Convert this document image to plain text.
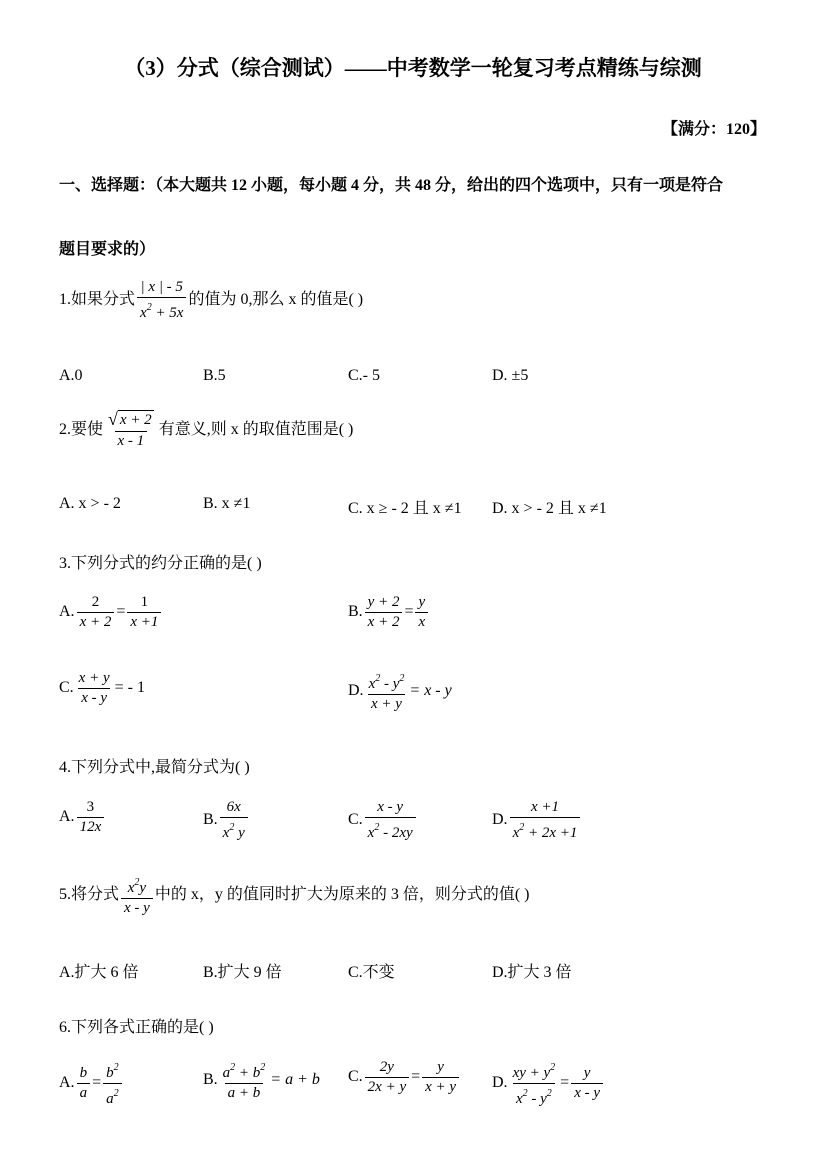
（3）分式（综合测试）——中考数学一轮复习考点精练与综测
【满分：120】
一、选择题：（本大题共 12 小题，每小题 4 分，共 48 分，给出的四个选项中，只有一项是符合
题目要求的）
1.如果分式 $\frac{| x | - 5}{x^2 + 5x}$ 的值为 0,那么 x 的值是( )
A.0	B.5	C.- 5	D. ±5
2.要使 $\frac{√ x + 2}{x - 1}$ 有意义,则 x 的取值范围是( )
A. x > - 2	B. x ≠1	C. x ≥ - 2 且 x ≠1 D. x > - 2 且 x ≠1
3.下列分式的约分正确的是( )
A. $\frac{2}{x + 2} = \frac{1}{x +1}$	B. $\frac{y + 2}{x + 2} = \frac{y}{x}$
C. $\frac{x + y}{x - y}$ = - 1	D. $\frac{x^2 - y^2}{x + y} = x - y$
4.下列分式中,最简分式为( )
A. $\frac{3}{12x}$	B. $\frac{6x}{x^2 y}$	C. $\frac{x - y}{x^2 - 2xy}$	D. $\frac{x +1}{x^2 + 2x +1}$
5.将分式 $\frac{x^2y}{x - y}$ 中的 x，y 的值同时扩大为原来的 3 倍，则分式的值( )
A.扩大 6 倍	B.扩大 9 倍	C.不变	D.扩大 3 倍
6.下列各式正确的是( )
A. $\frac{b}{a} = \frac{b^2}{a^2}$	B. $\frac{a^2 + b^2}{a + b} = a + b$ C. $\frac{2y}{2x + y} = \frac{y}{x + y} D$. $\frac{xy + y^2}{x^2 - y^2} = \frac{y}{x - y}$
